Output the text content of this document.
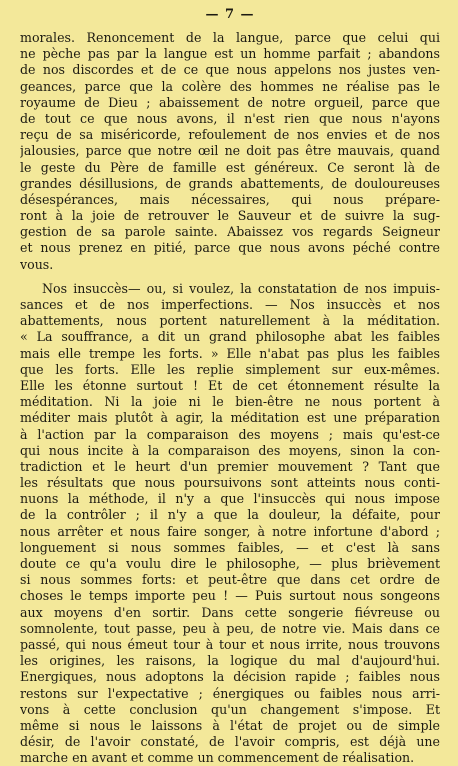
— 7 —
morales. Renoncement de la langue, parce que celui qui
ne pèche pas par la langue est un homme parfait ; abandons
de nos discordes et de ce que nous appelons nos justes ven-
geances, parce que la colère des hommes ne réalise pas le
royaume de Dieu ; abaissement de notre orgueil, parce que
de tout ce que nous avons, il n'est rien que nous n'ayons
reçu de sa miséricorde, refoulement de nos envies et de nos
jalousies, parce que notre œil ne doit pas être mauvais, quand
le geste du Père de famille est généreux. Ce seront là de
grandes désillusions, de grands abattements, de douloureuses
désespérances, mais nécessaires, qui nous prépare-
ront à la joie de retrouver le Sauveur et de suivre la sug-
gestion de sa parole sainte. Abaissez vos regards Seigneur
et nous prenez en pitié, parce que nous avons péché contre
vous.
Nos insuccès— ou, si voulez, la constatation de nos impuis-
sances et de nos imperfections. — Nos insuccès et nos
abattements, nous portent naturellement à la méditation.
« La souffrance, a dit un grand philosophe abat les faibles
mais elle trempe les forts. » Elle n'abat pas plus les faibles
que les forts. Elle les replie simplement sur eux-mêmes.
Elle les étonne surtout ! Et de cet étonnement résulte la
méditation. Ni la joie ni le bien-être ne nous portent à
méditer mais plutôt à agir, la méditation est une préparation
à l'action par la comparaison des moyens ; mais qu'est-ce
qui nous incite à la comparaison des moyens, sinon la con-
tradiction et le heurt d'un premier mouvement ? Tant que
les résultats que nous poursuivons sont atteints nous conti-
nuons la méthode, il n'y a que l'insuccès qui nous impose
de la contrôler ; il n'y a que la douleur, la défaite, pour
nous arrêter et nous faire songer, à notre infortune d'abord ;
longuement si nous sommes faibles, — et c'est là sans
doute ce qu'a voulu dire le philosophe, — plus brièvement
si nous sommes forts: et peut-être que dans cet ordre de
choses le temps importe peu ! — Puis surtout nous songeons
aux moyens d'en sortir. Dans cette songerie fiévreuse ou
somnolente, tout passe, peu à peu, de notre vie. Mais dans ce
passé, qui nous émeut tour à tour et nous irrite, nous trouvons
les origines, les raisons, la logique du mal d'aujourd'hui.
Energiques, nous adoptons la décision rapide ; faibles nous
restons sur l'expectative ; énergiques ou faibles nous arri-
vons à cette conclusion qu'un changement s'impose. Et
même si nous le laissons à l'état de projet ou de simple
désir, de l'avoir constaté, de l'avoir compris, est déjà une
marche en avant et comme un commencement de réalisation.
